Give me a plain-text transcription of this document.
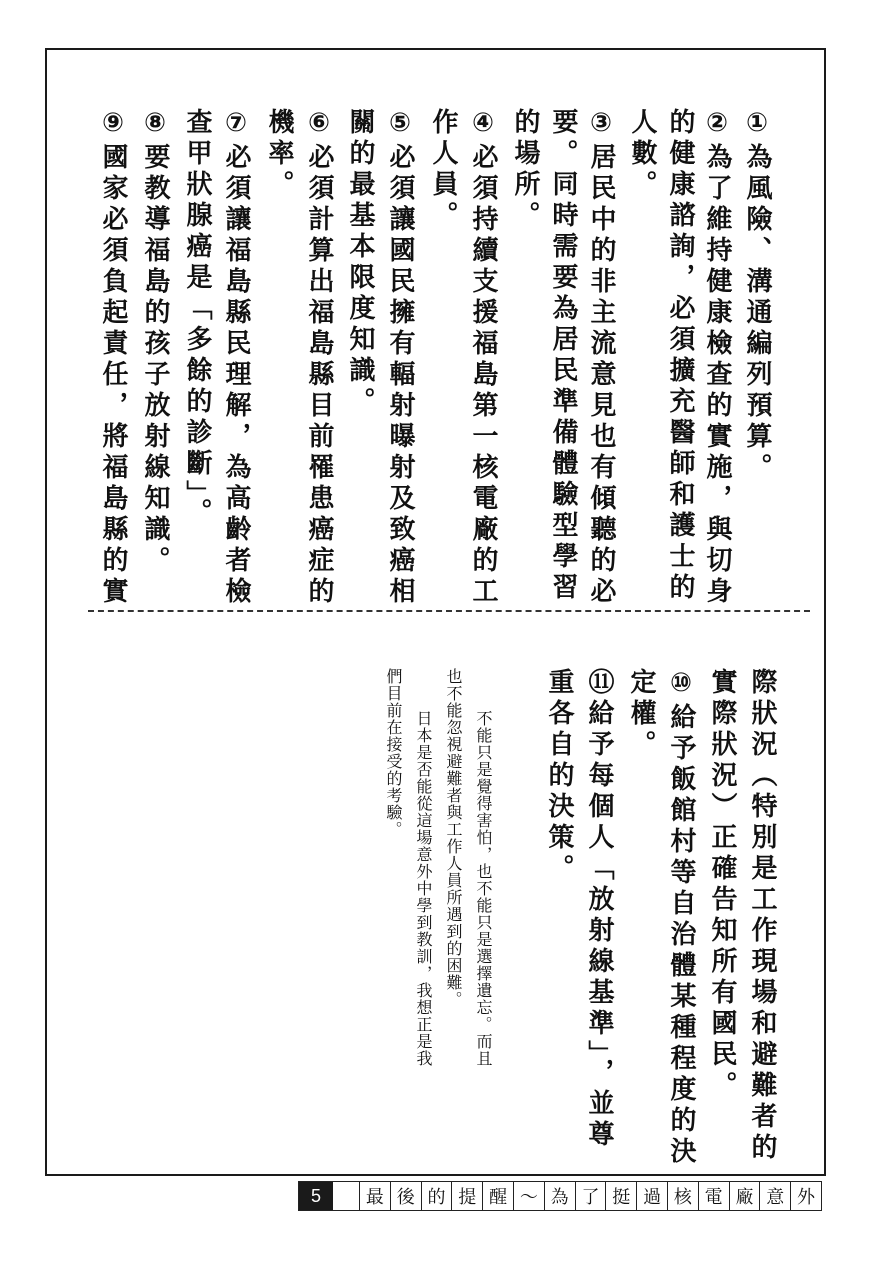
①為風險、溝通編列預算。
②為了維持健康檢查的實施，與切身
的健康諮詢，必須擴充醫師和護士的
人數。
③居民中的非主流意見也有傾聽的必
要。同時需要為居民準備體驗型學習
的場所。
④必須持續支援福島第一核電廠的工
作人員。
⑤必須讓國民擁有輻射曝射及致癌相
關的最基本限度知識。
⑥必須計算出福島縣目前罹患癌症的
機率。
⑦必須讓福島縣民理解，為高齡者檢
查甲狀腺癌是「多餘的診斷」。
⑧要教導福島的孩子放射線知識。
⑨國家必須負起責任，將福島縣的實
際狀況（特別是工作現場和避難者的
實際狀況）正確告知所有國民。
⑩給予飯館村等自治體某種程度的決
定權。
⑪給予每個人「放射線基準」，並尊
重各自的決策。
不能只是覺得害怕，也不能只是選擇遺忘。而且
也不能忽視避難者與工作人員所遇到的困難。
日本是否能從這場意外中學到教訓，我想正是我
們目前在接受的考驗。
5	最 後 的 提 醒 ～ 為 了 挺 過 核 電 廠 意 外
